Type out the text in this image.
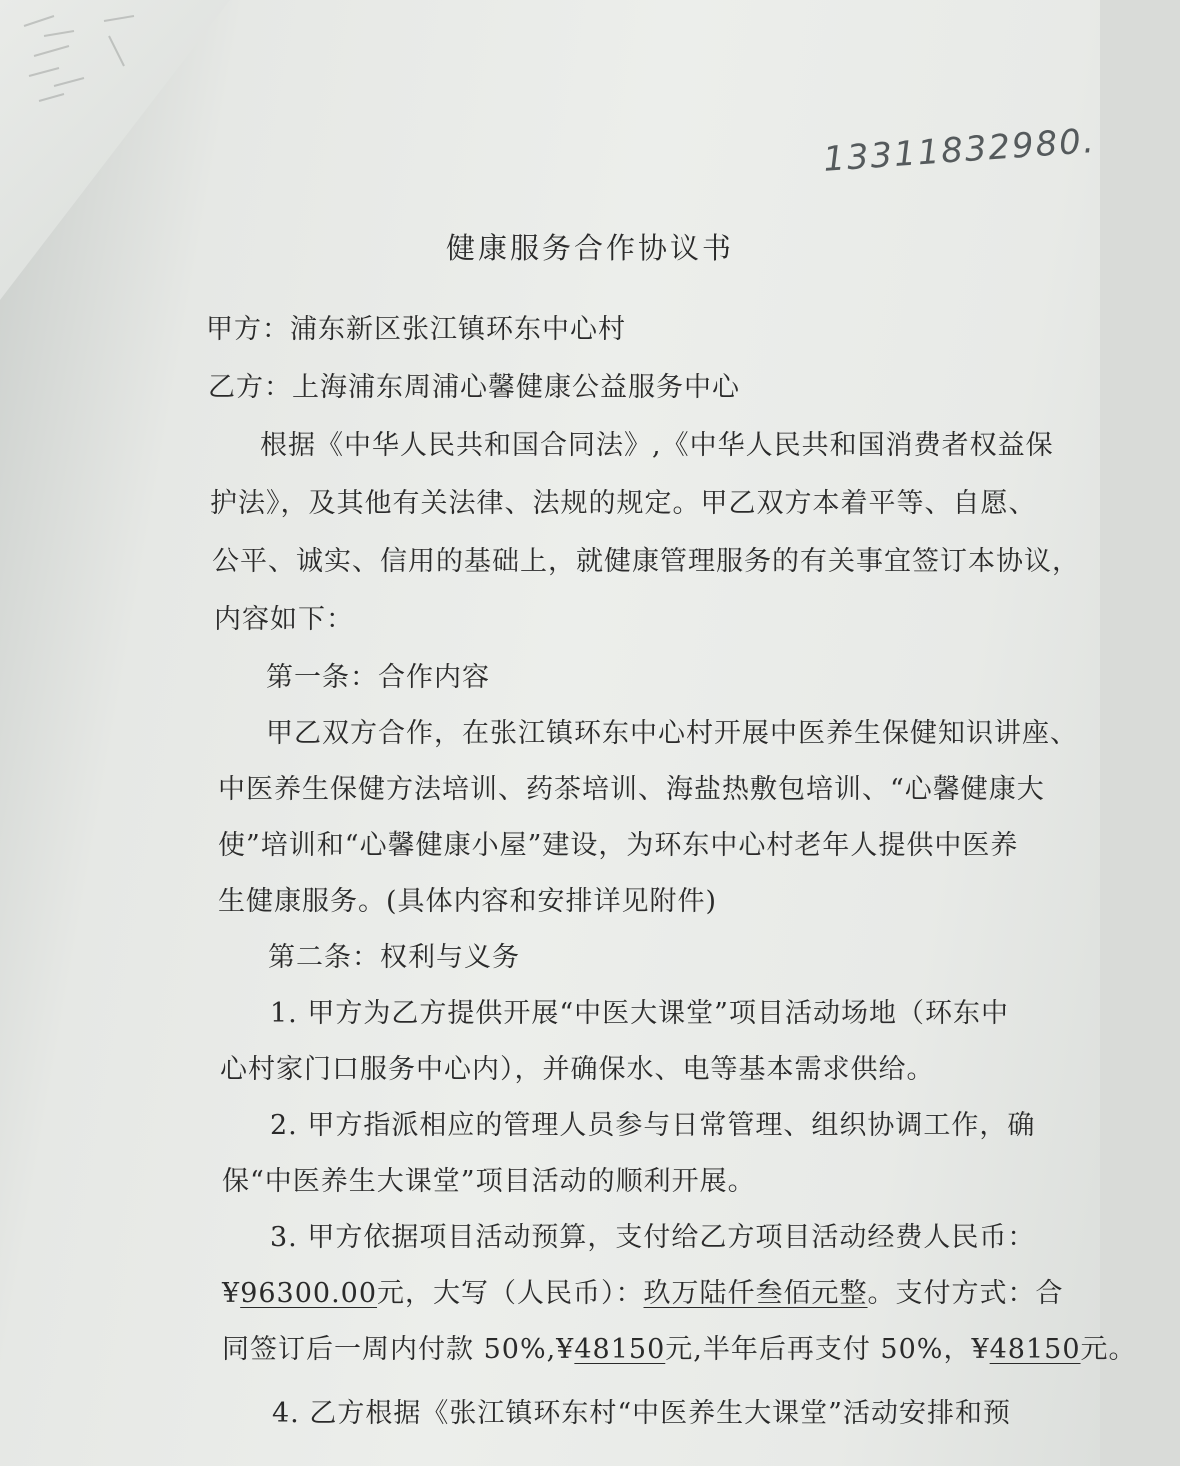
13311832980.
健康服务合作协议书
甲方：浦东新区张江镇环东中心村
乙方：上海浦东周浦心馨健康公益服务中心
根据《中华人民共和国合同法》,《中华人民共和国消费者权益保
护法》，及其他有关法律、法规的规定。甲乙双方本着平等、自愿、
公平、诚实、信用的基础上，就健康管理服务的有关事宜签订本协议，
内容如下：
第一条：合作内容
甲乙双方合作，在张江镇环东中心村开展中医养生保健知识讲座、
中医养生保健方法培训、药茶培训、海盐热敷包培训、“心馨健康大
使”培训和“心馨健康小屋”建设，为环东中心村老年人提供中医养
生健康服务。(具体内容和安排详见附件)
第二条：权利与义务
1. 甲方为乙方提供开展“中医大课堂”项目活动场地（环东中
心村家门口服务中心内），并确保水、电等基本需求供给。
2. 甲方指派相应的管理人员参与日常管理、组织协调工作，确
保“中医养生大课堂”项目活动的顺利开展。
3. 甲方依据项目活动预算，支付给乙方项目活动经费人民币：
¥96300.00元，大写（人民币）：玖万陆仟叁佰元整。支付方式：合
同签订后一周内付款 50%,¥48150元,半年后再支付 50%，¥48150元。
4. 乙方根据《张江镇环东村“中医养生大课堂”活动安排和预
